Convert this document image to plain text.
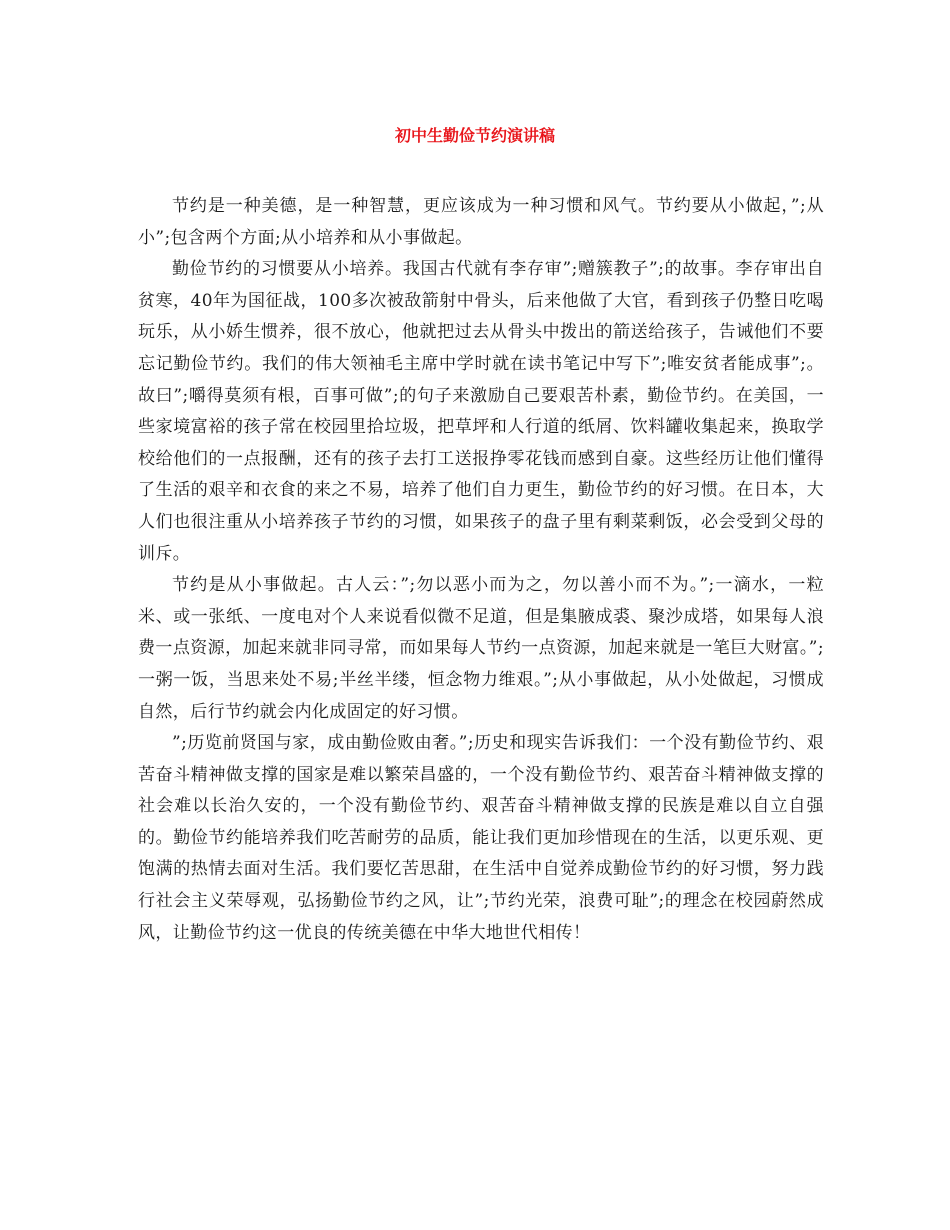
初中生勤俭节约演讲稿

节约是一种美德，是一种智慧，更应该成为一种习惯和风气。节约要从小做起，”;从小”;包含两个方面;从小培养和从小事做起。

勤俭节约的习惯要从小培养。我国古代就有李存审”;赠簇教子”;的故事。李存审出自贫寒，40年为国征战，100多次被敌箭射中骨头，后来他做了大官，看到孩子仍整日吃喝玩乐，从小娇生惯养，很不放心，他就把过去从骨头中拨出的箭送给孩子，告诫他们不要忘记勤俭节约。我们的伟大领袖毛主席中学时就在读书笔记中写下”;唯安贫者能成事”;。故曰”;嚼得莫须有根，百事可做”;的句子来激励自己要艰苦朴素，勤俭节约。在美国，一些家境富裕的孩子常在校园里拾垃圾，把草坪和人行道的纸屑、饮料罐收集起来，换取学校给他们的一点报酬，还有的孩子去打工送报挣零花钱而感到自豪。这些经历让他们懂得了生活的艰辛和衣食的来之不易，培养了他们自力更生，勤俭节约的好习惯。在日本，大人们也很注重从小培养孩子节约的习惯，如果孩子的盘子里有剩菜剩饭，必会受到父母的训斥。

节约是从小事做起。古人云：”;勿以恶小而为之，勿以善小而不为。”;一滴水，一粒米、或一张纸、一度电对个人来说看似微不足道，但是集腋成裘、聚沙成塔，如果每人浪费一点资源，加起来就非同寻常，而如果每人节约一点资源，加起来就是一笔巨大财富。”;一粥一饭，当思来处不易;半丝半缕，恒念物力维艰。”;从小事做起，从小处做起，习惯成自然，后行节约就会内化成固定的好习惯。

”;历览前贤国与家，成由勤俭败由奢。”;历史和现实告诉我们：一个没有勤俭节约、艰苦奋斗精神做支撑的国家是难以繁荣昌盛的，一个没有勤俭节约、艰苦奋斗精神做支撑的社会难以长治久安的，一个没有勤俭节约、艰苦奋斗精神做支撑的民族是难以自立自强的。勤俭节约能培养我们吃苦耐劳的品质，能让我们更加珍惜现在的生活，以更乐观、更饱满的热情去面对生活。我们要忆苦思甜，在生活中自觉养成勤俭节约的好习惯，努力践行社会主义荣辱观，弘扬勤俭节约之风，让”;节约光荣，浪费可耻”;的理念在校园蔚然成风，让勤俭节约这一优良的传统美德在中华大地世代相传！
